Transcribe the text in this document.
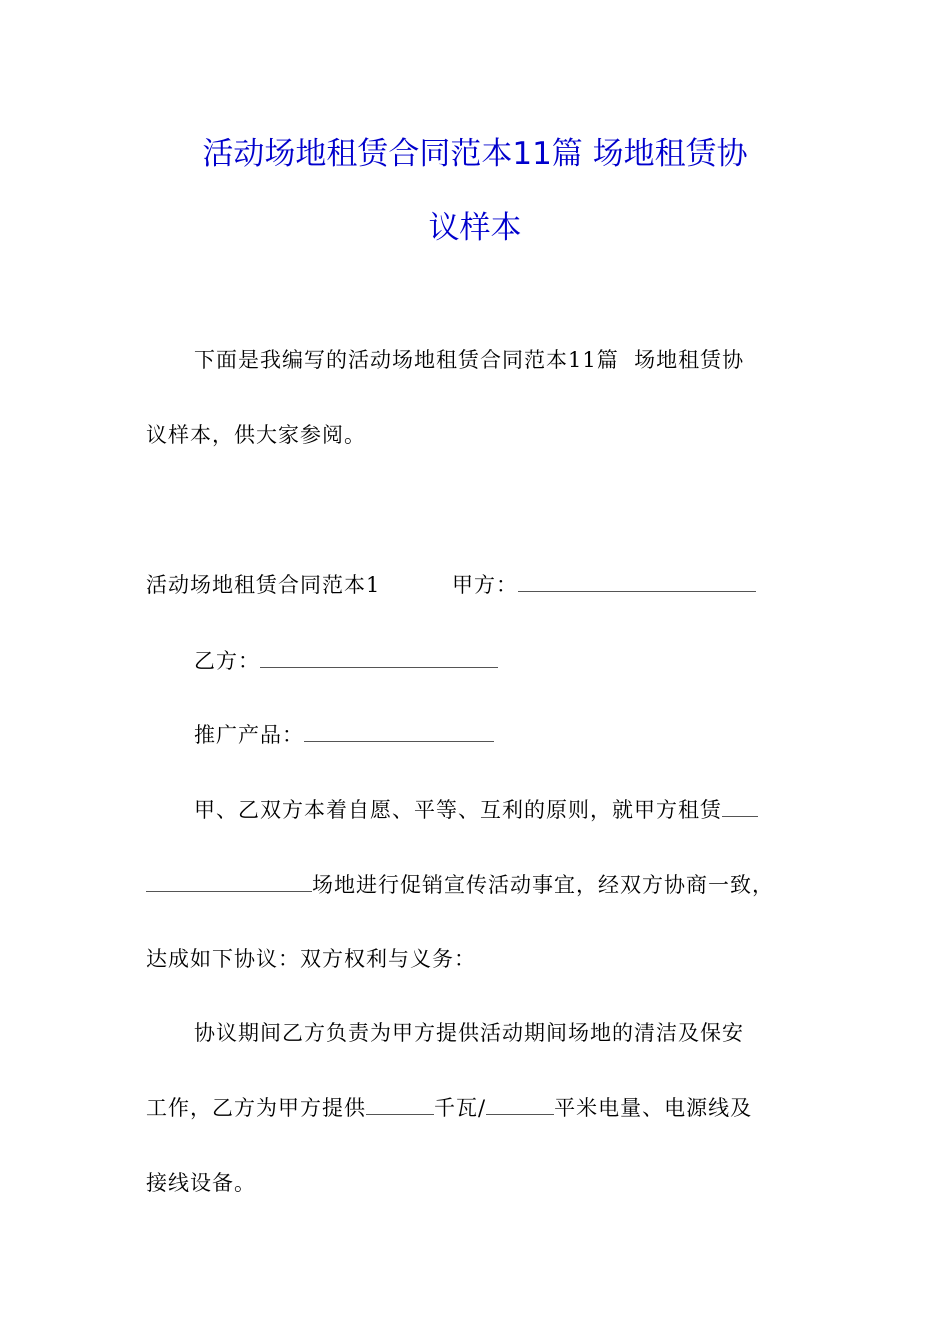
活动场地租赁合同范本11篇 场地租赁协
议样本
下面是我编写的活动场地租赁合同范本11篇  场地租赁协
议样本，供大家参阅。
活动场地租赁合同范本1	甲方：
乙方：
推广产品：
甲、乙双方本着自愿、平等、互利的原则，就甲方租赁
场地进行促销宣传活动事宜，经双方协商一致，
达成如下协议：双方权利与义务：
协议期间乙方负责为甲方提供活动期间场地的清洁及保安
工作，乙方为甲方提供	千瓦/	平米电量、电源线及
接线设备。
